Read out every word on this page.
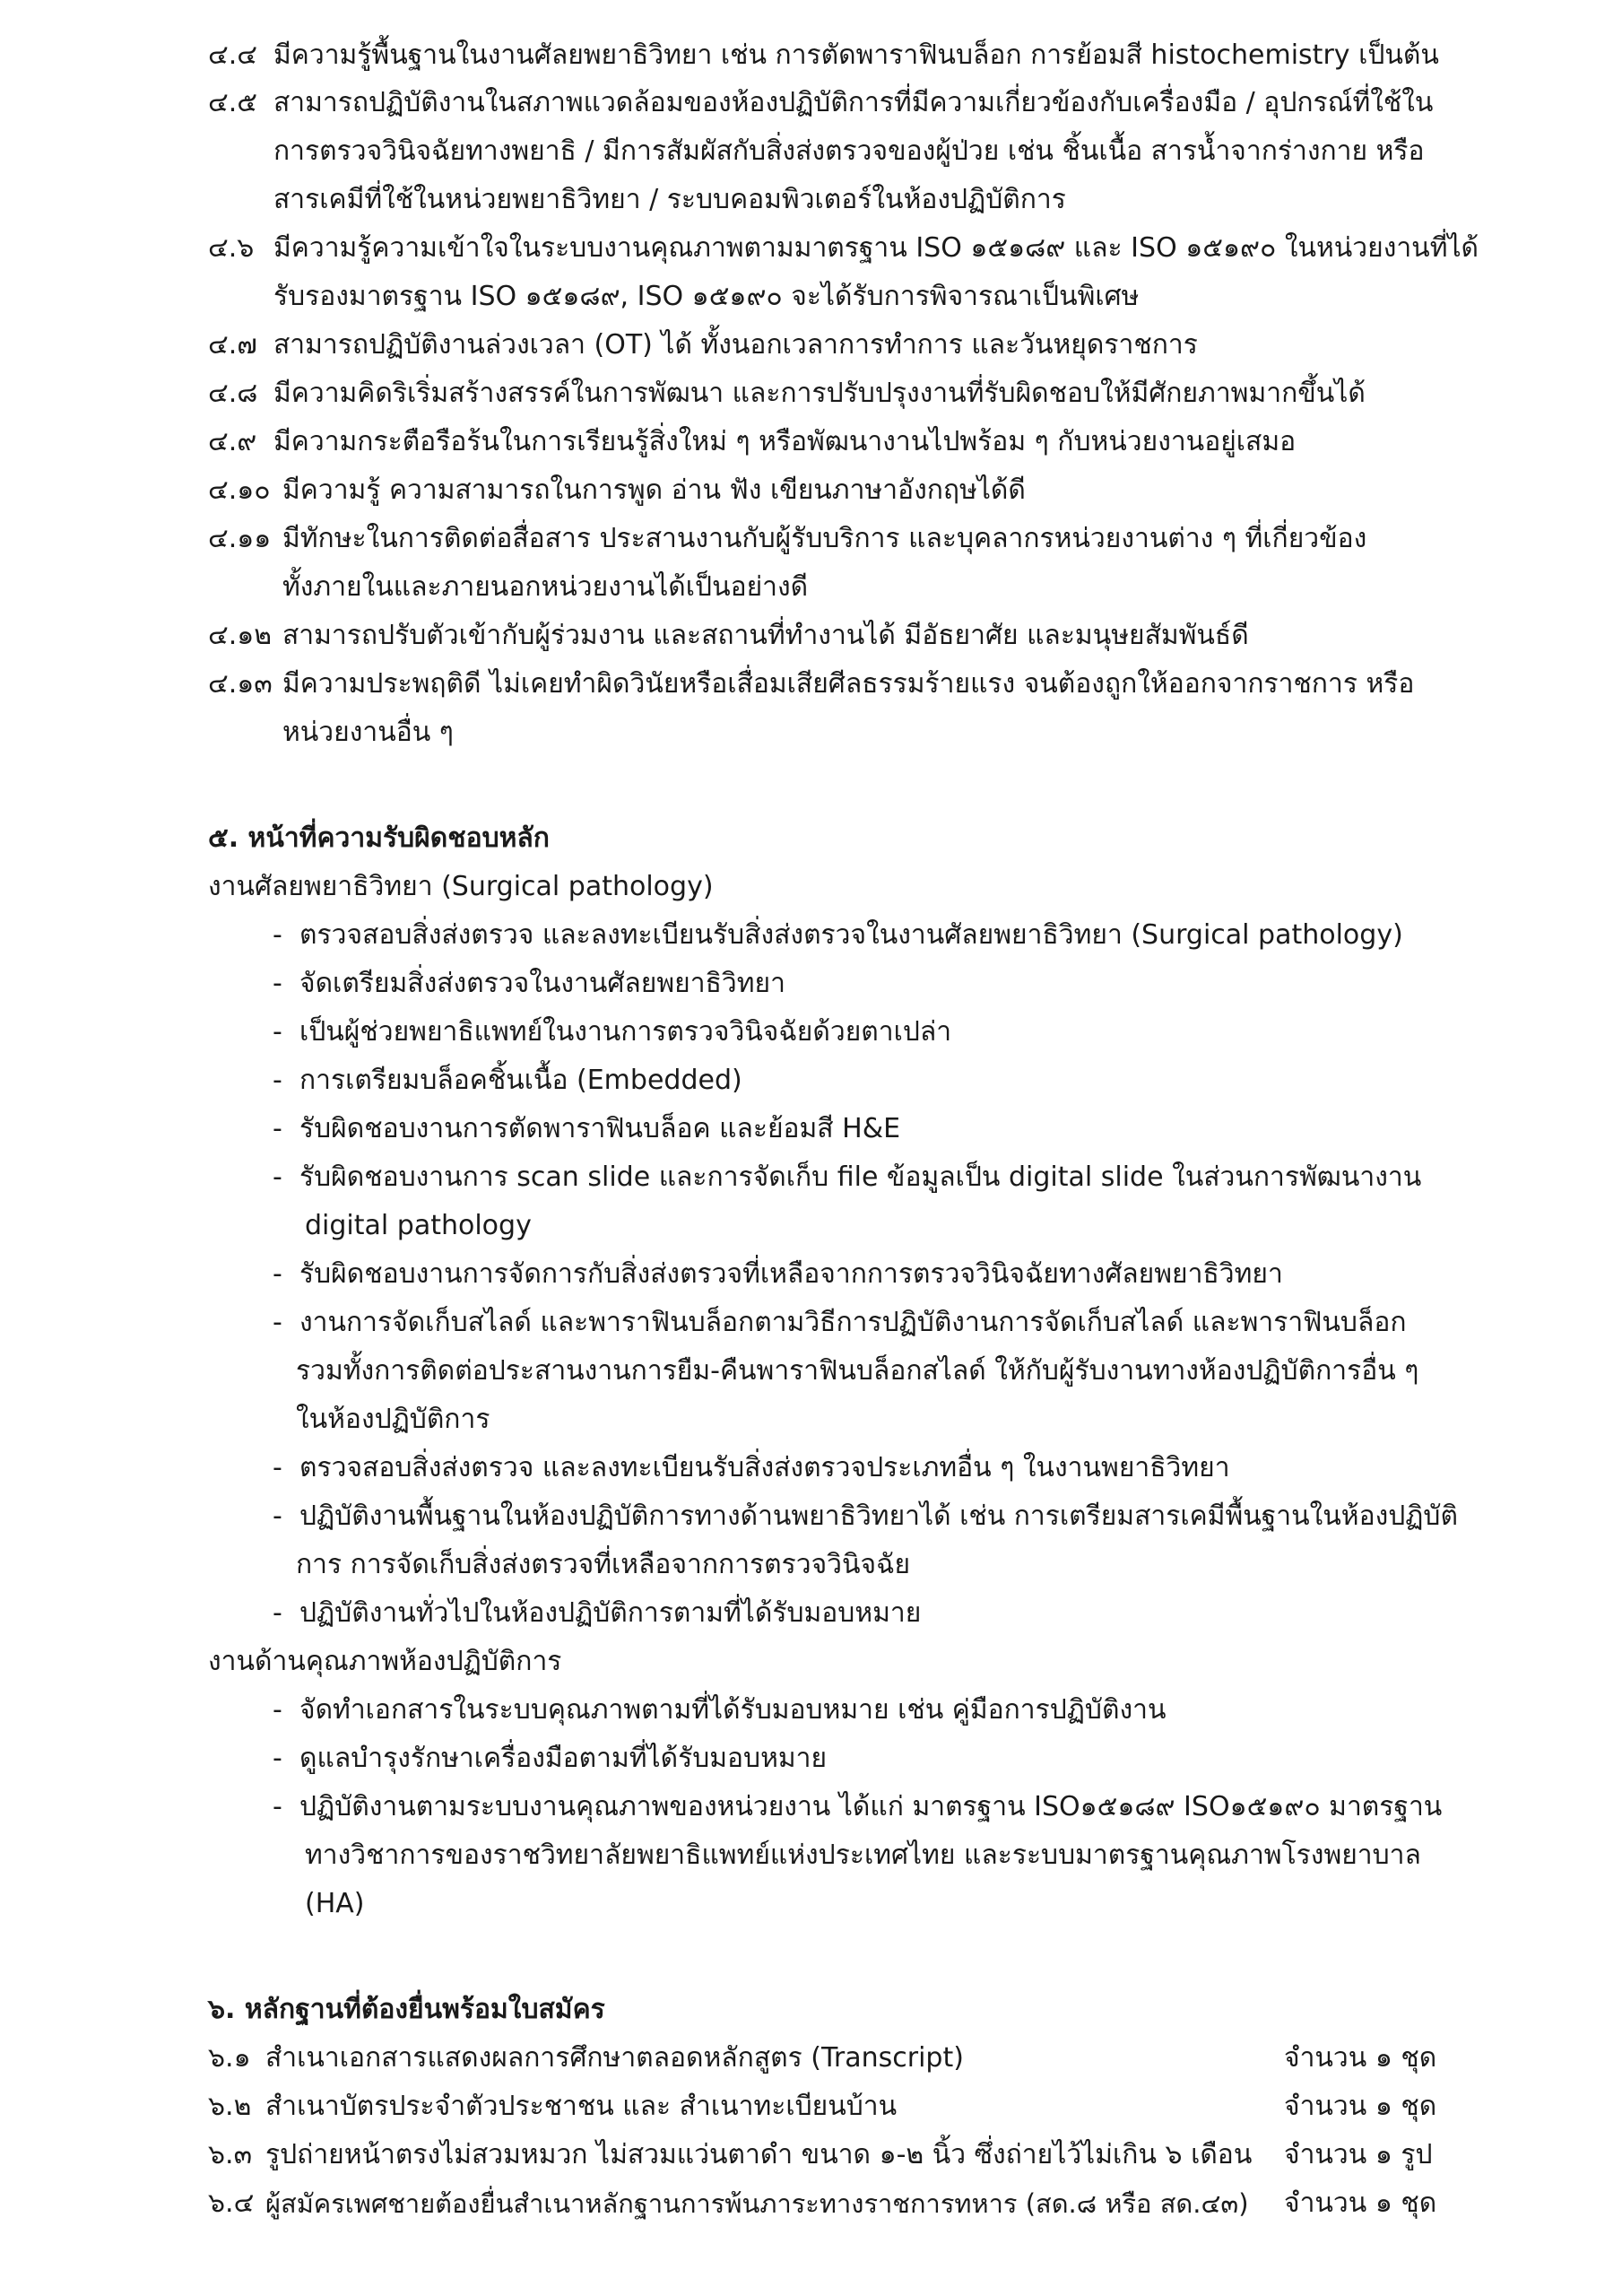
๔.๔ มีความรู้พื้นฐานในงานศัลยพยาธิวิทยา เช่น การตัดพาราฟินบล็อก การย้อมสี histochemistry เป็นต้น
๔.๕ สามารถปฏิบัติงานในสภาพแวดล้อมของห้องปฏิบัติการที่มีความเกี่ยวข้องกับเครื่องมือ / อุปกรณ์ที่ใช้ใน
การตรวจวินิจฉัยทางพยาธิ / มีการสัมผัสกับสิ่งส่งตรวจของผู้ป่วย เช่น ชิ้นเนื้อ สารน้ำจากร่างกาย หรือ
สารเคมีที่ใช้ในหน่วยพยาธิวิทยา / ระบบคอมพิวเตอร์ในห้องปฏิบัติการ
๔.๖ มีความรู้ความเข้าใจในระบบงานคุณภาพตามมาตรฐาน ISO ๑๕๑๘๙ และ ISO ๑๕๑๙๐ ในหน่วยงานที่ได้
รับรองมาตรฐาน ISO ๑๕๑๘๙, ISO ๑๕๑๙๐ จะได้รับการพิจารณาเป็นพิเศษ
๔.๗ สามารถปฏิบัติงานล่วงเวลา (OT) ได้ ทั้งนอกเวลาการทำการ และวันหยุดราชการ
๔.๘ มีความคิดริเริ่มสร้างสรรค์ในการพัฒนา และการปรับปรุงงานที่รับผิดชอบให้มีศักยภาพมากขึ้นได้
๔.๙ มีความกระตือรือร้นในการเรียนรู้สิ่งใหม่ ๆ หรือพัฒนางานไปพร้อม ๆ กับหน่วยงานอยู่เสมอ
๔.๑๐ มีความรู้ ความสามารถในการพูด อ่าน ฟัง เขียนภาษาอังกฤษได้ดี
๔.๑๑ มีทักษะในการติดต่อสื่อสาร ประสานงานกับผู้รับบริการ และบุคลากรหน่วยงานต่าง ๆ ที่เกี่ยวข้อง
ทั้งภายในและภายนอกหน่วยงานได้เป็นอย่างดี
๔.๑๒ สามารถปรับตัวเข้ากับผู้ร่วมงาน และสถานที่ทำงานได้ มีอัธยาศัย และมนุษยสัมพันธ์ดี
๔.๑๓ มีความประพฤติดี ไม่เคยทำผิดวินัยหรือเสื่อมเสียศีลธรรมร้ายแรง จนต้องถูกให้ออกจากราชการ หรือ
หน่วยงานอื่น ๆ
๕. หน้าที่ความรับผิดชอบหลัก
งานศัลยพยาธิวิทยา (Surgical pathology)
- ตรวจสอบสิ่งส่งตรวจ และลงทะเบียนรับสิ่งส่งตรวจในงานศัลยพยาธิวิทยา (Surgical pathology)
- จัดเตรียมสิ่งส่งตรวจในงานศัลยพยาธิวิทยา
- เป็นผู้ช่วยพยาธิแพทย์ในงานการตรวจวินิจฉัยด้วยตาเปล่า
- การเตรียมบล็อคชิ้นเนื้อ (Embedded)
- รับผิดชอบงานการตัดพาราฟินบล็อค และย้อมสี H&E
- รับผิดชอบงานการ scan slide และการจัดเก็บ file ข้อมูลเป็น digital slide ในส่วนการพัฒนางาน
digital pathology
- รับผิดชอบงานการจัดการกับสิ่งส่งตรวจที่เหลือจากการตรวจวินิจฉัยทางศัลยพยาธิวิทยา
- งานการจัดเก็บสไลด์ และพาราฟินบล็อกตามวิธีการปฏิบัติงานการจัดเก็บสไลด์ และพาราฟินบล็อก
รวมทั้งการติดต่อประสานงานการยืม-คืนพาราฟินบล็อกสไลด์ ให้กับผู้รับงานทางห้องปฏิบัติการอื่น ๆ
ในห้องปฏิบัติการ
- ตรวจสอบสิ่งส่งตรวจ และลงทะเบียนรับสิ่งส่งตรวจประเภทอื่น ๆ ในงานพยาธิวิทยา
- ปฏิบัติงานพื้นฐานในห้องปฏิบัติการทางด้านพยาธิวิทยาได้ เช่น การเตรียมสารเคมีพื้นฐานในห้องปฏิบัติ
การ การจัดเก็บสิ่งส่งตรวจที่เหลือจากการตรวจวินิจฉัย
- ปฏิบัติงานทั่วไปในห้องปฏิบัติการตามที่ได้รับมอบหมาย
งานด้านคุณภาพห้องปฏิบัติการ
- จัดทำเอกสารในระบบคุณภาพตามที่ได้รับมอบหมาย เช่น คู่มือการปฏิบัติงาน
- ดูแลบำรุงรักษาเครื่องมือตามที่ได้รับมอบหมาย
- ปฏิบัติงานตามระบบงานคุณภาพของหน่วยงาน ได้แก่ มาตรฐาน ISO๑๕๑๘๙ ISO๑๕๑๙๐ มาตรฐาน
ทางวิชาการของราชวิทยาลัยพยาธิแพทย์แห่งประเทศไทย และระบบมาตรฐานคุณภาพโรงพยาบาล
(HA)
๖. หลักฐานที่ต้องยื่นพร้อมใบสมัคร
๖.๑ สำเนาเอกสารแสดงผลการศึกษาตลอดหลักสูตร (Transcript)	จำนวน ๑ ชุด
๖.๒ สำเนาบัตรประจำตัวประชาชน และ สำเนาทะเบียนบ้าน	จำนวน ๑ ชุด
๖.๓ รูปถ่ายหน้าตรงไม่สวมหมวก ไม่สวมแว่นตาดำ ขนาด ๑-๒ นิ้ว ซึ่งถ่ายไว้ไม่เกิน ๖ เดือน จำนวน ๑ รูป
๖.๔ ผู้สมัครเพศชายต้องยื่นสำเนาหลักฐานการพ้นภาระทางราชการทหาร (สด.๘ หรือ สด.๔๓) จำนวน ๑ ชุด
